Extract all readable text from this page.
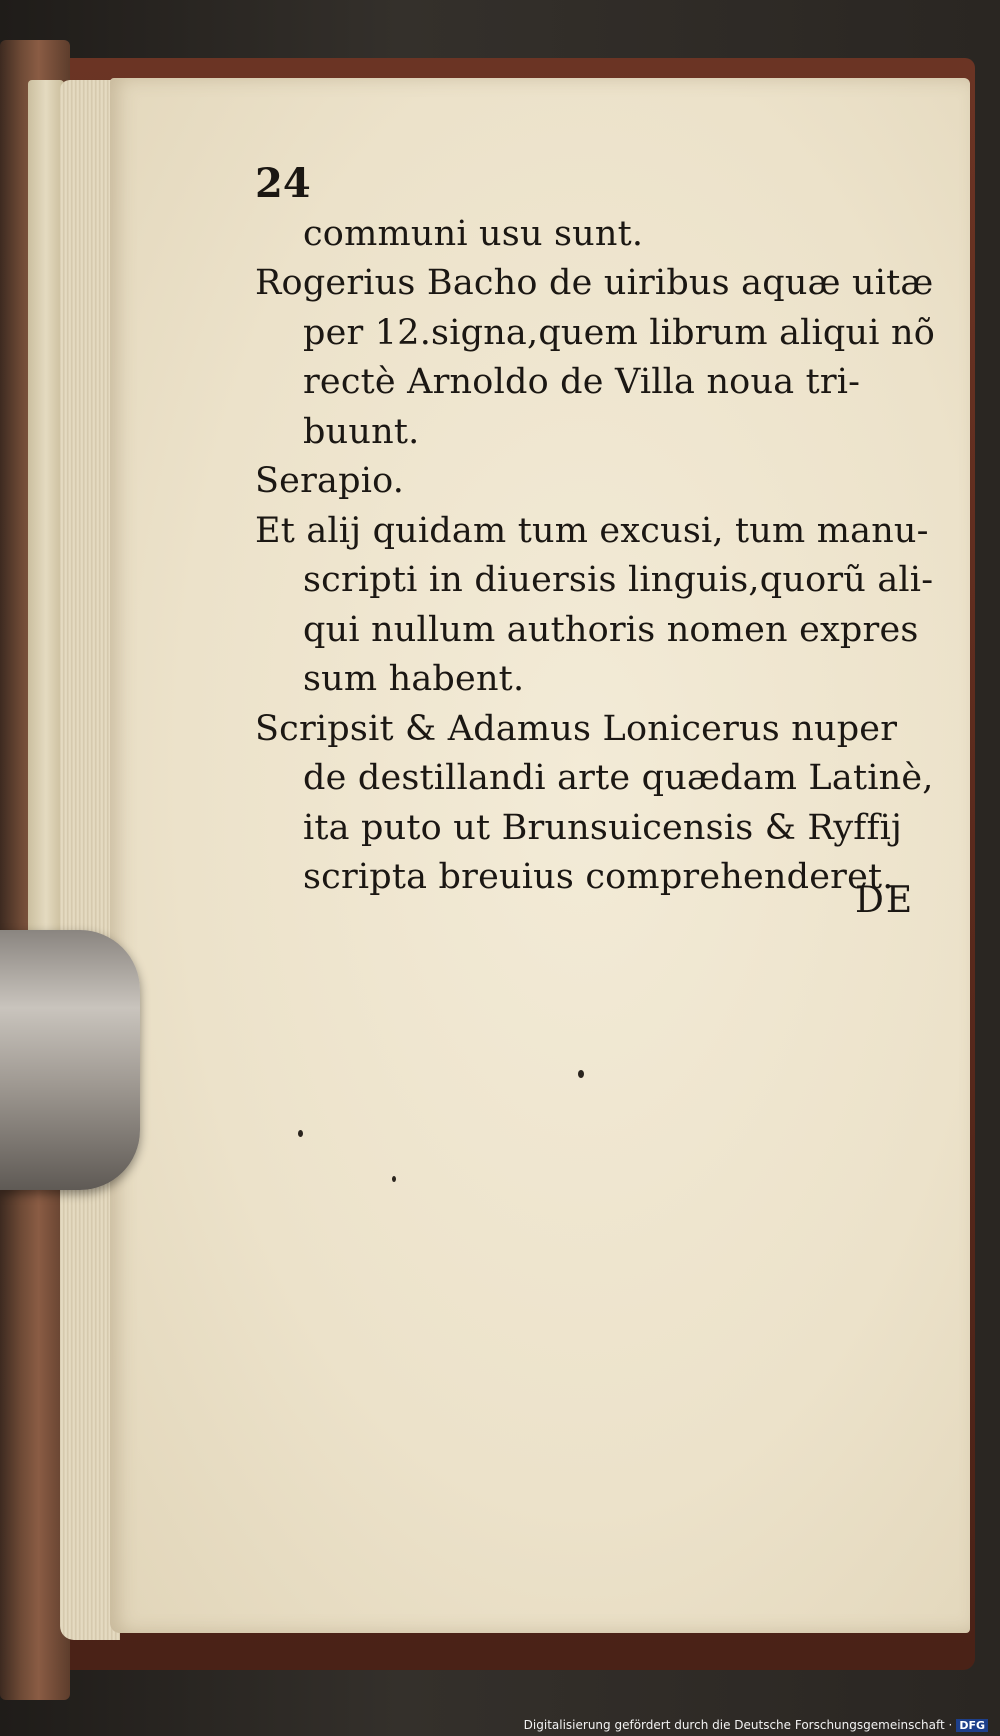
24
communi usu sunt.
Rogerius Bacho de uiribus aquæ uitæ
per 12.signa,quem librum aliqui nõ
rectè Arnoldo de Villa noua tri-
buunt.
Serapio.
Et alij quidam tum excusi, tum manu-
scripti in diuersis linguis,quorũ ali-
qui nullum authoris nomen expres
sum habent.
Scripsit & Adamus Lonicerus nuper
de destillandi arte quædam Latinè,
ita puto ut Brunsuicensis & Ryffij
scripta breuius comprehenderet.
DE
Digitalisierung gefördert durch die Deutsche Forschungsgemeinschaft · DFG
